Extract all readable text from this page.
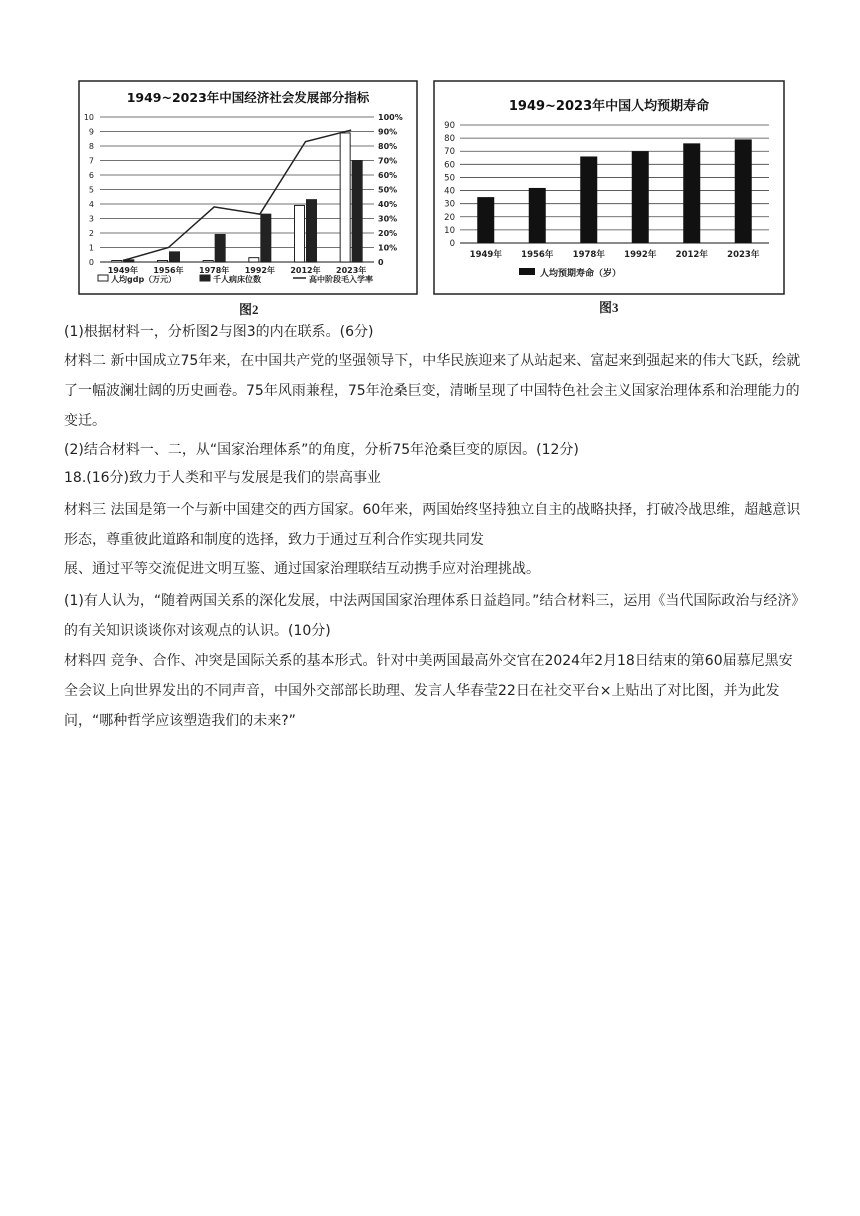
1949~2023年中国经济社会发展部分指标
0
1
2
3
4
5
6
7
8
9
10
0
10%
20%
30%
40%
50%
60%
70%
80%
90%
100%
1949年 1956年 1978年 1992年 2012年 2023年
人均gdp（万元）	千人病床位数	高中阶段毛入学率
图2
1949~2023年中国人均预期寿命
0
10
20
30
40
50
60
70
80
90
1949年 1956年 1978年 1992年 2012年 2023年
人均预期寿命（岁）
图3

(1)根据材料一，分析图2与图3的内在联系。(6分)

材料二 新中国成立75年来，在中国共产党的坚强领导下，中华民族迎来了从站起来、富起来到强起来的伟大飞跃，绘就了一幅波澜壮阔的历史画卷。75年风雨兼程，75年沧桑巨变，清晰呈现了中国特色社会主义国家治理体系和治理能力的变迁。

(2)结合材料一、二，从“国家治理体系”的角度，分析75年沧桑巨变的原因。(12分)

18.(16分)致力于人类和平与发展是我们的崇高事业

材料三 法国是第一个与新中国建交的西方国家。60年来，两国始终坚持独立自主的战略抉择，打破冷战思维，超越意识形态，尊重彼此道路和制度的选择，致力于通过互利合作实现共同发

展、通过平等交流促进文明互鉴、通过国家治理联结互动携手应对治理挑战。

(1)有人认为，“随着两国关系的深化发展，中法两国国家治理体系日益趋同。”结合材料三，运用《当代国际政治与经济》的有关知识谈谈你对该观点的认识。(10分)

材料四 竞争、合作、冲突是国际关系的基本形式。针对中美两国最高外交官在2024年2月18日结束的第60届慕尼黑安全会议上向世界发出的不同声音，中国外交部部长助理、发言人华春莹22日在社交平台×上贴出了对比图，并为此发问，“哪种哲学应该塑造我们的未来?”
